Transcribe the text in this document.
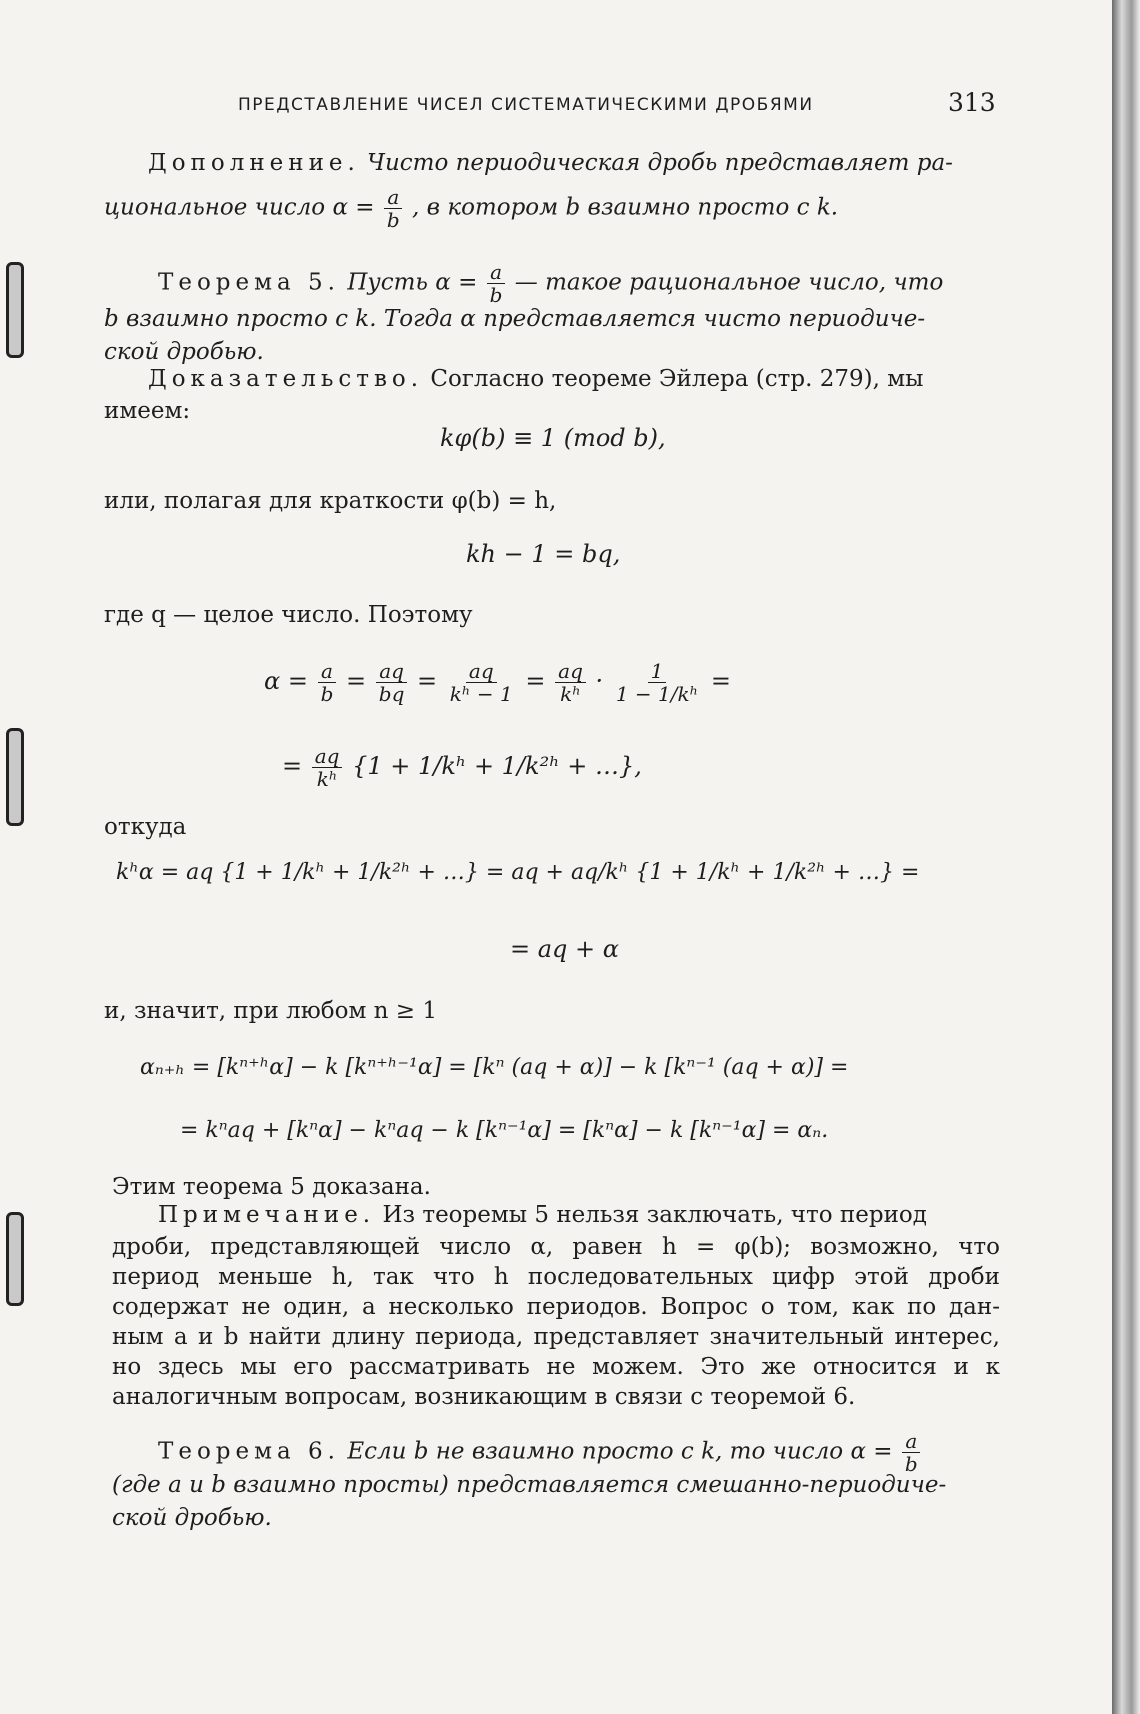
ПРЕДСТАВЛЕНИЕ ЧИСЕЛ СИСТЕМАТИЧЕСКИМИ ДРОБЯМИ	313
Дополнение. Чисто периодическая дробь представляет ра-
циональное число $\alpha = \frac{a}{b}$ , в котором b взаимно просто с k.
Теорема 5. Пусть $\alpha = \frac{a}{b}$ — такое рациональное число, что
b взаимно просто с k. Тогда α представляется чисто периодиче-
ской дробью.
Доказательство. Согласно теореме Эйлера (стр. 279), мы
имеем:
kφ(b) ≡ 1 (mod b),
или, полагая для краткости φ(b) = h,
kh − 1 = bq,
где q — целое число. Поэтому
$\alpha = \frac{a}{b} = \frac{aq}{bq} = \frac{aq}{\text{kʰ − 1}} = \frac{aq}{\text{kʰ}} \cdot \frac{1}{\text{1 − 1/kʰ}}$ =
= $\frac{aq}{\text{kʰ}} \{1$ + 1/kʰ + 1/k²ʰ + …},
откуда
kʰα = aq {1 + 1/kʰ + 1/k²ʰ + …} = aq + aq/kʰ {1 + 1/kʰ + 1/k²ʰ + …} =
= aq + α
и, значит, при любом n ≥ 1
αₙ₊ₕ = [kⁿ⁺ʰα] − k [kⁿ⁺ʰ⁻¹α] = [kⁿ (aq + α)] − k [kⁿ⁻¹ (aq + α)] =
= kⁿaq + [kⁿα] − kⁿaq − k [kⁿ⁻¹α] = [kⁿα] − k [kⁿ⁻¹α] = αₙ.
Этим теорема 5 доказана.
Примечание. Из теоремы 5 нельзя заключать, что период
дроби, представляющей число α, равен h = φ(b); возможно, что
период меньше h, так что h последовательных цифр этой дроби
содержат не один, а несколько периодов. Вопрос о том, как по дан-
ным a и b найти длину периода, представляет значительный интерес,
но здесь мы его рассматривать не можем. Это же относится и к
аналогичным вопросам, возникающим в связи с теоремой 6.
Теорема 6. Если b не взаимно просто с k, то число $\alpha = \frac{a}{b}$
(где a и b взаимно просты) представляется смешанно-периодиче-
ской дробью.
